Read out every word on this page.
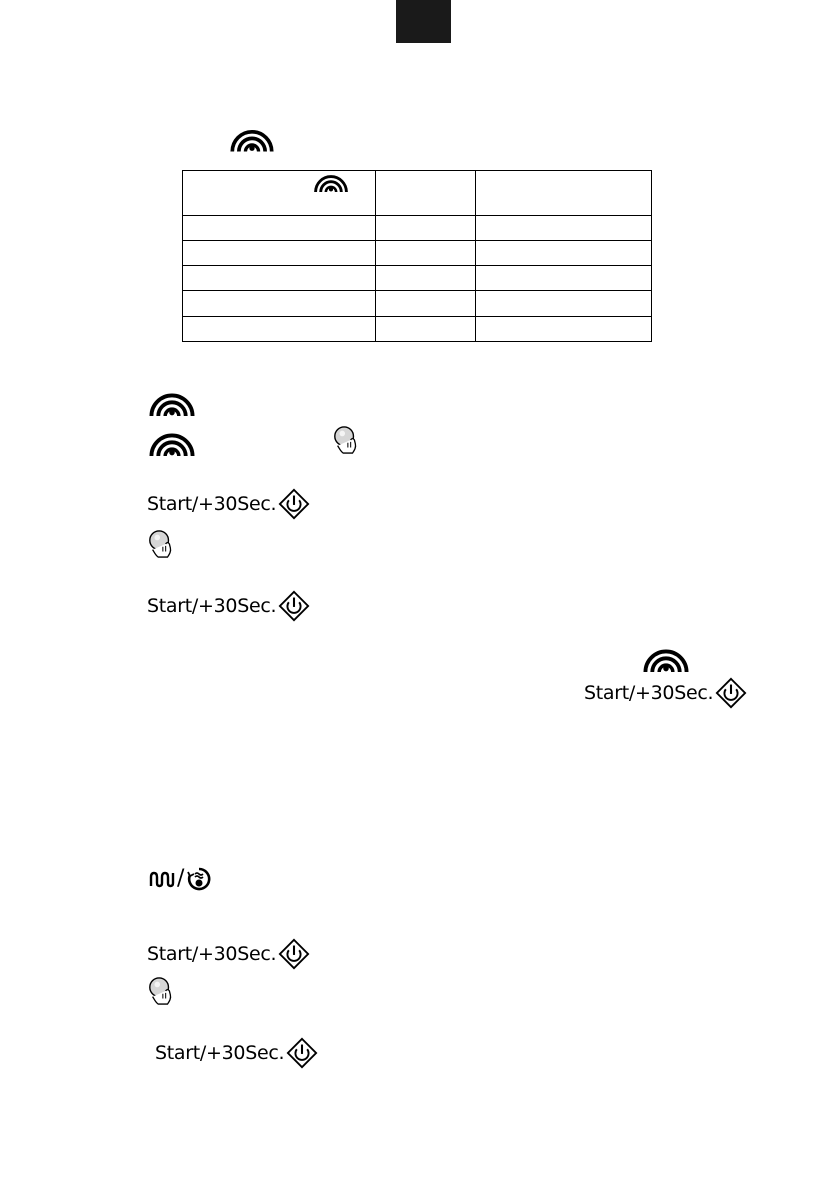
Start/+30Sec.
Start/+30Sec.
Start/+30Sec.
/
Start/+30Sec.
Start/+30Sec.
